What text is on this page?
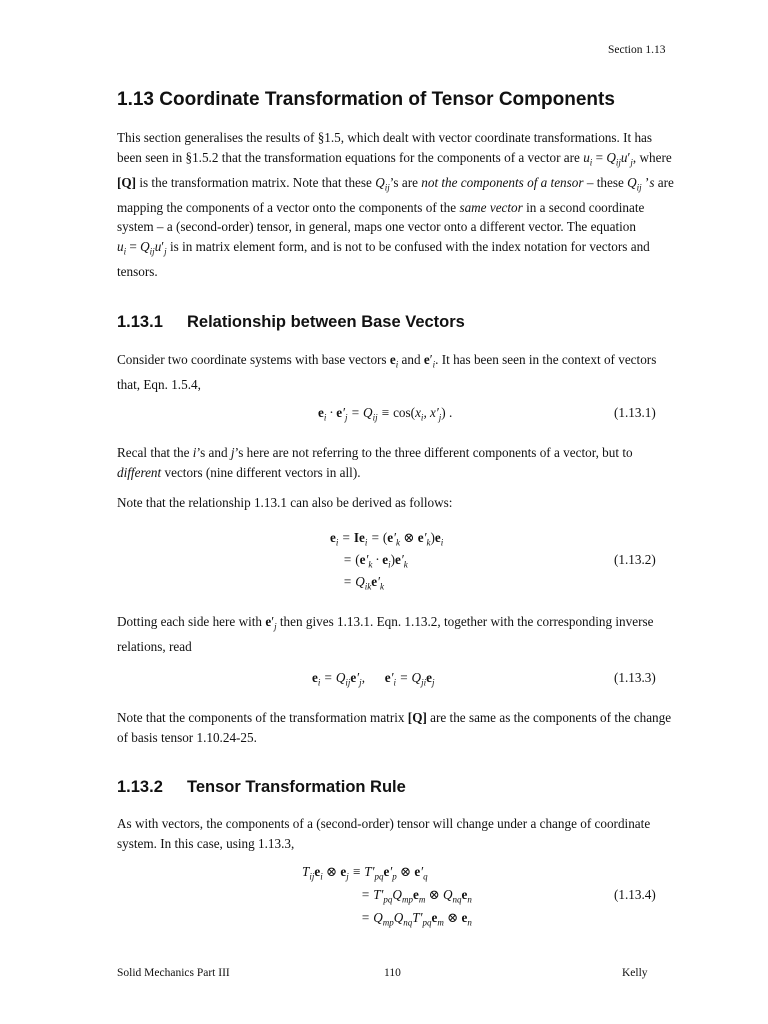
Section 1.13
1.13 Coordinate Transformation of Tensor Components
This section generalises the results of §1.5, which dealt with vector coordinate transformations. It has been seen in §1.5.2 that the transformation equations for the components of a vector are $u_i = Q_{ij}u'_j$, where [Q] is the transformation matrix. Note that these $Q_{ij}’s$ are not the components of a tensor – these $Q_{ij}$ ’s are mapping the components of a vector onto the components of the same vector in a second coordinate system – a (second-order) tensor, in general, maps one vector onto a different vector. The equation $u_i = Q_{ij}u'_j$ is in matrix element form, and is not to be confused with the index notation for vectors and tensors.
1.13.1 Relationship between Base Vectors
Consider two coordinate systems with base vectors $e_i$ and $e'_i$. It has been seen in the context of vectors that, Eqn. 1.5.4,
$e_i \cdot e'_j = Q_{ij} \equiv \cos(x_i$, $x'_j$) .	(1.13.1)
Recal that the i’s and j’s here are not referring to the three different components of a vector, but to different vectors (nine different vectors in all).
Note that the relationship 1.13.1 can also be derived as follows:
$e_i = Ie_i = (e'_k$ ⊗ $e'_k)e_i$
= $(e'_k \cdot e_i)e'_k$
= $Q_{ik}e'_k$
(1.13.2)
Dotting each side here with $e'_j$ then gives 1.13.1. Eqn. 1.13.2, together with the corresponding inverse relations, read
$e_i = Q_{ij}e'_j$, $e'_i = Q_{ji}e_j$	(1.13.3)
Note that the components of the transformation matrix [Q] are the same as the components of the change of basis tensor 1.10.24-25.
1.13.2 Tensor Transformation Rule
As with vectors, the components of a (second-order) tensor will change under a change of coordinate system. In this case, using 1.13.3,
$T_{ij}e_i$ ⊗ $e_j \equiv T'_{pq}e'_p$ ⊗ $e'_q$
= $T'_{pq}Q_{mp}e_m$ ⊗ $Q_{nq}e_n$
= $Q_{mp}Q_{nq}T'_{pq}e_m$ ⊗ $e_n$
(1.13.4)
Solid Mechanics Part III	110	Kelly
